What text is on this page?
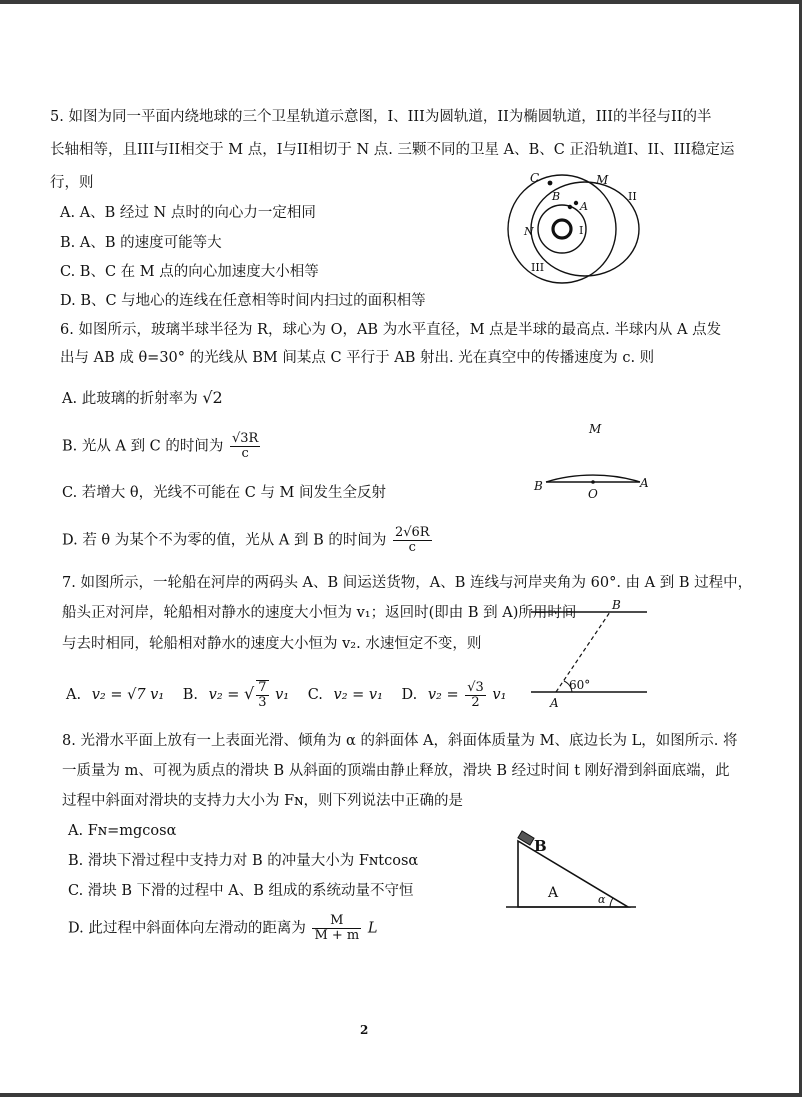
5. 如图为同一平面内绕地球的三个卫星轨道示意图，I、III为圆轨道，II为椭圆轨道，III的半径与II的半
长轴相等，且III与II相交于 M 点，I与II相切于 N 点. 三颗不同的卫星 A、B、C 正沿轨道I、II、III稳定运
行，则
A. A、B 经过 N 点时的向心力一定相同
B. A、B 的速度可能等大
C. B、C 在 M 点的向心加速度大小相等
D. B、C 与地心的连线在任意相等时间内扫过的面积相等
C	M
B
A
II
N	I
III
6. 如图所示，玻璃半球半径为 R，球心为 O，AB 为水平直径，M 点是半球的最高点. 半球内从 A 点发
出与 AB 成 θ=30° 的光线从 BM 间某点 C 平行于 AB 射出. 光在真空中的传播速度为 c. 则
A. 此玻璃的折射率为 √2
B. 光从 A 到 C 的时间为 $\frac{√3R}{c}$
C. 若增大 θ，光线不可能在 C 与 M 间发生全反射
D. 若 θ 为某个不为零的值，光从 A 到 B 的时间为 $\frac{2√6R}{c}$
M
B
O
A
7. 如图所示，一轮船在河岸的两码头 A、B 间运送货物，A、B 连线与河岸夹角为 60°. 由 A 到 B 过程中，
船头正对河岸，轮船相对静水的速度大小恒为 v₁；返回时(即由 B 到 A)所用时间
与去时相同，轮船相对静水的速度大小恒为 v₂. 水速恒定不变，则
A. v₂ = √7 v₁ B. v₂ = √ $\frac{7}{3} v_1$ C. v₂ = v₁ D. $v_2 = \frac{√3}{2} v_1$
B
A
60°
8. 光滑水平面上放有一上表面光滑、倾角为 α 的斜面体 A，斜面体质量为 M、底边长为 L，如图所示. 将
一质量为 m、可视为质点的滑块 B 从斜面的顶端由静止释放，滑块 B 经过时间 t 刚好滑到斜面底端，此
过程中斜面对滑块的支持力大小为 Fɴ，则下列说法中正确的是
A. Fɴ=mgcosα
B. 滑块下滑过程中支持力对 B 的冲量大小为 Fɴtcosα
C. 滑块 B 下滑的过程中 A、B 组成的系统动量不守恒
D. 此过程中斜面体向左滑动的距离为 $\frac{M}{M + m}$ L
B
A	α
2
